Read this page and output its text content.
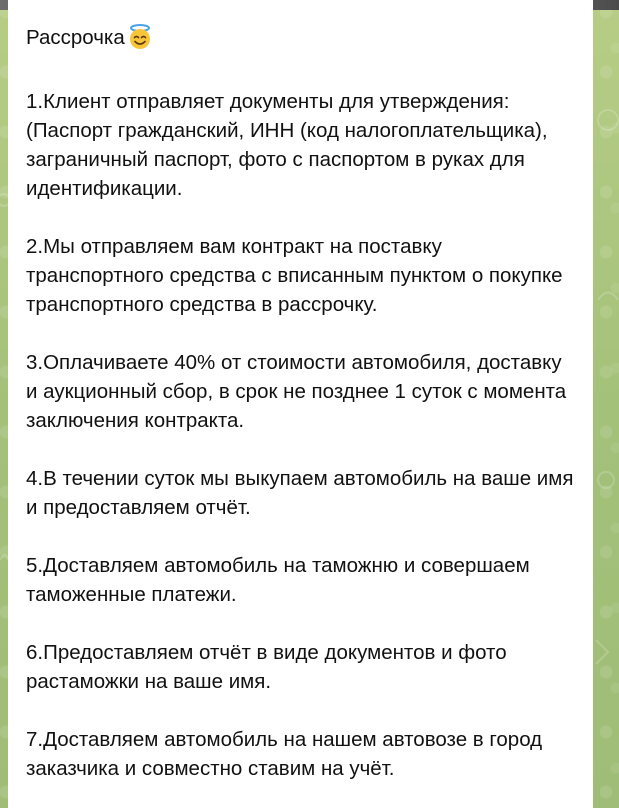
Рассрочка

1.Клиент отправляет документы для утверждения: (Паспорт гражданский, ИНН (код налогоплательщика), заграничный паспорт, фото с паспортом в руках для идентификации.

2.Мы отправляем вам контракт на поставку транспортного средства с вписанным пунктом о покупке транспортного средства в рассрочку.

3.Оплачиваете 40% от стоимости автомобиля, доставку и аукционный сбор, в срок не позднее 1 суток с момента заключения контракта.

4.В течении суток мы выкупаем автомобиль на ваше имя и предоставляем отчёт.

5.Доставляем автомобиль на таможню и совершаем таможенные платежи.

6.Предоставляем отчёт в виде документов и фото растаможки на ваше имя.

7.Доставляем автомобиль на нашем автовозе в город заказчика и совместно ставим на учёт.
